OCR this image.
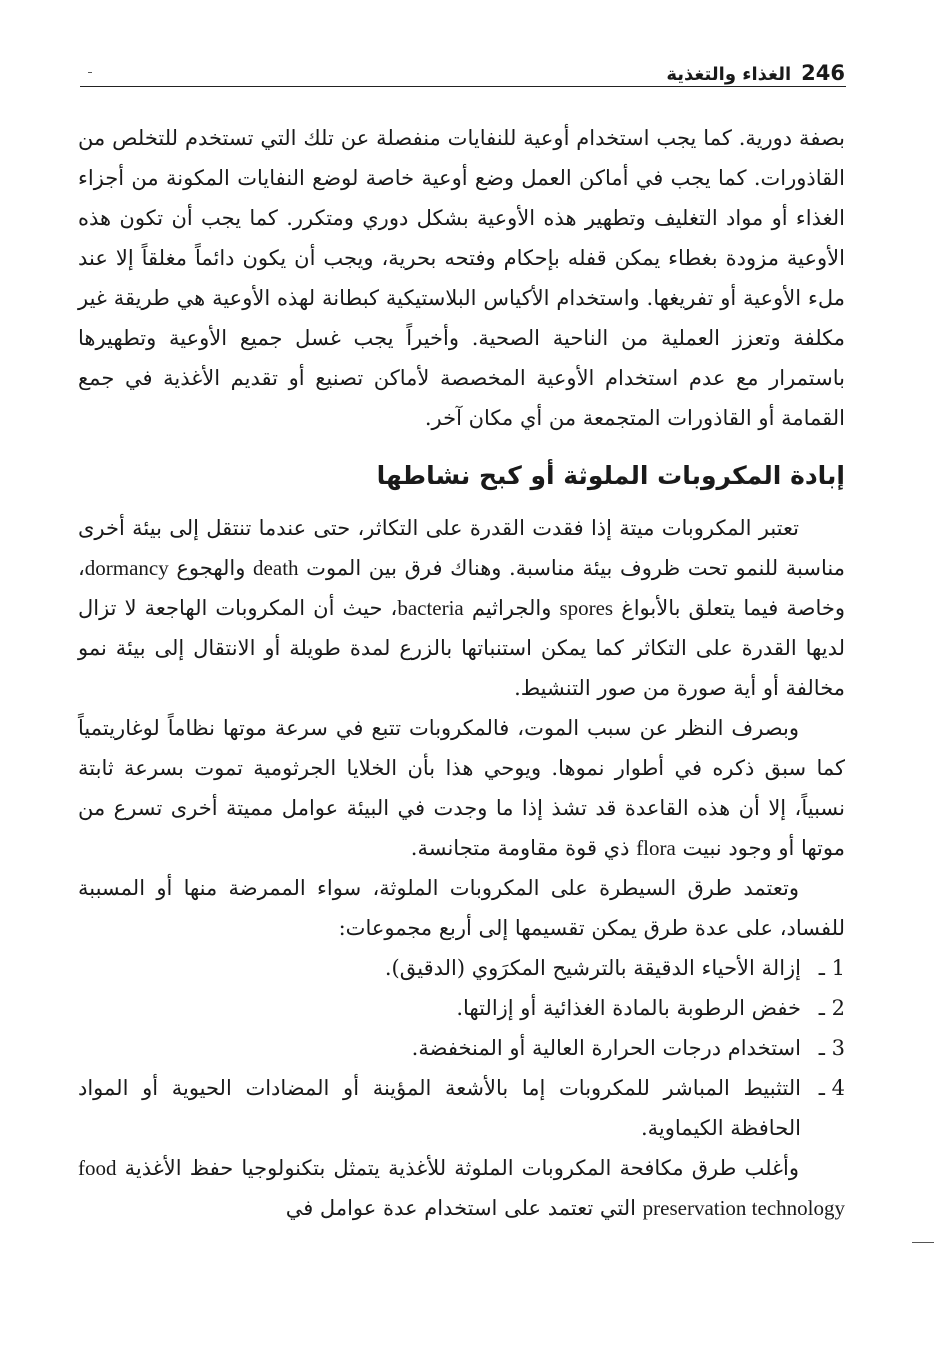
246
الغذاء والتغذية

بصفة دورية. كما يجب استخدام أوعية للنفايات منفصلة عن تلك التي تستخدم للتخلص من القاذورات. كما يجب في أماكن العمل وضع أوعية خاصة لوضع النفايات المكونة من أجزاء الغذاء أو مواد التغليف وتطهير هذه الأوعية بشكل دوري ومتكرر. كما يجب أن تكون هذه الأوعية مزودة بغطاء يمكن قفله بإحكام وفتحه بحرية، ويجب أن يكون دائماً مغلقاً إلا عند ملء الأوعية أو تفريغها. واستخدام الأكياس البلاستيكية كبطانة لهذه الأوعية هي طريقة غير مكلفة وتعزز العملية من الناحية الصحية. وأخيراً يجب غسل جميع الأوعية وتطهيرها باستمرار مع عدم استخدام الأوعية المخصصة لأماكن تصنيع أو تقديم الأغذية في جمع القمامة أو القاذورات المتجمعة من أي مكان آخر.

إبادة المكروبات الملوثة أو كبح نشاطها

تعتبر المكروبات ميتة إذا فقدت القدرة على التكاثر، حتى عندما تنتقل إلى بيئة أخرى مناسبة للنمو تحت ظروف بيئة مناسبة. وهناك فرق بين الموت death والهجوع dormancy، وخاصة فيما يتعلق بالأبواغ spores والجراثيم bacteria، حيث أن المكروبات الهاجعة لا تزال لديها القدرة على التكاثر كما يمكن استنباتها بالزرع لمدة طويلة أو الانتقال إلى بيئة نمو مخالفة أو أية صورة من صور التنشيط.

وبصرف النظر عن سبب الموت، فالمكروبات تتبع في سرعة موتها نظاماً لوغاريتمياً كما سبق ذكره في أطوار نموها. ويوحي هذا بأن الخلايا الجرثومية تموت بسرعة ثابتة نسبياً، إلا أن هذه القاعدة قد تشذ إذا ما وجدت في البيئة عوامل مميتة أخرى تسرع من موتها أو وجود نبيت flora ذي قوة مقاومة متجانسة.

وتعتمد طرق السيطرة على المكروبات الملوثة، سواء الممرضة منها أو المسببة للفساد، على عدة طرق يمكن تقسيمها إلى أربع مجموعات:

1 ـ
إزالة الأحياء الدقيقة بالترشيح المكرَوي (الدقيق).
2 ـ
خفض الرطوبة بالمادة الغذائية أو إزالتها.
3 ـ
استخدام درجات الحرارة العالية أو المنخفضة.
4 ـ
التثبيط المباشر للمكروبات إما بالأشعة المؤينة أو المضادات الحيوية أو المواد الحافظة الكيماوية.

وأغلب طرق مكافحة المكروبات الملوثة للأغذية يتمثل بتكنولوجيا حفظ الأغذية food preservation technology التي تعتمد على استخدام عدة عوامل في
